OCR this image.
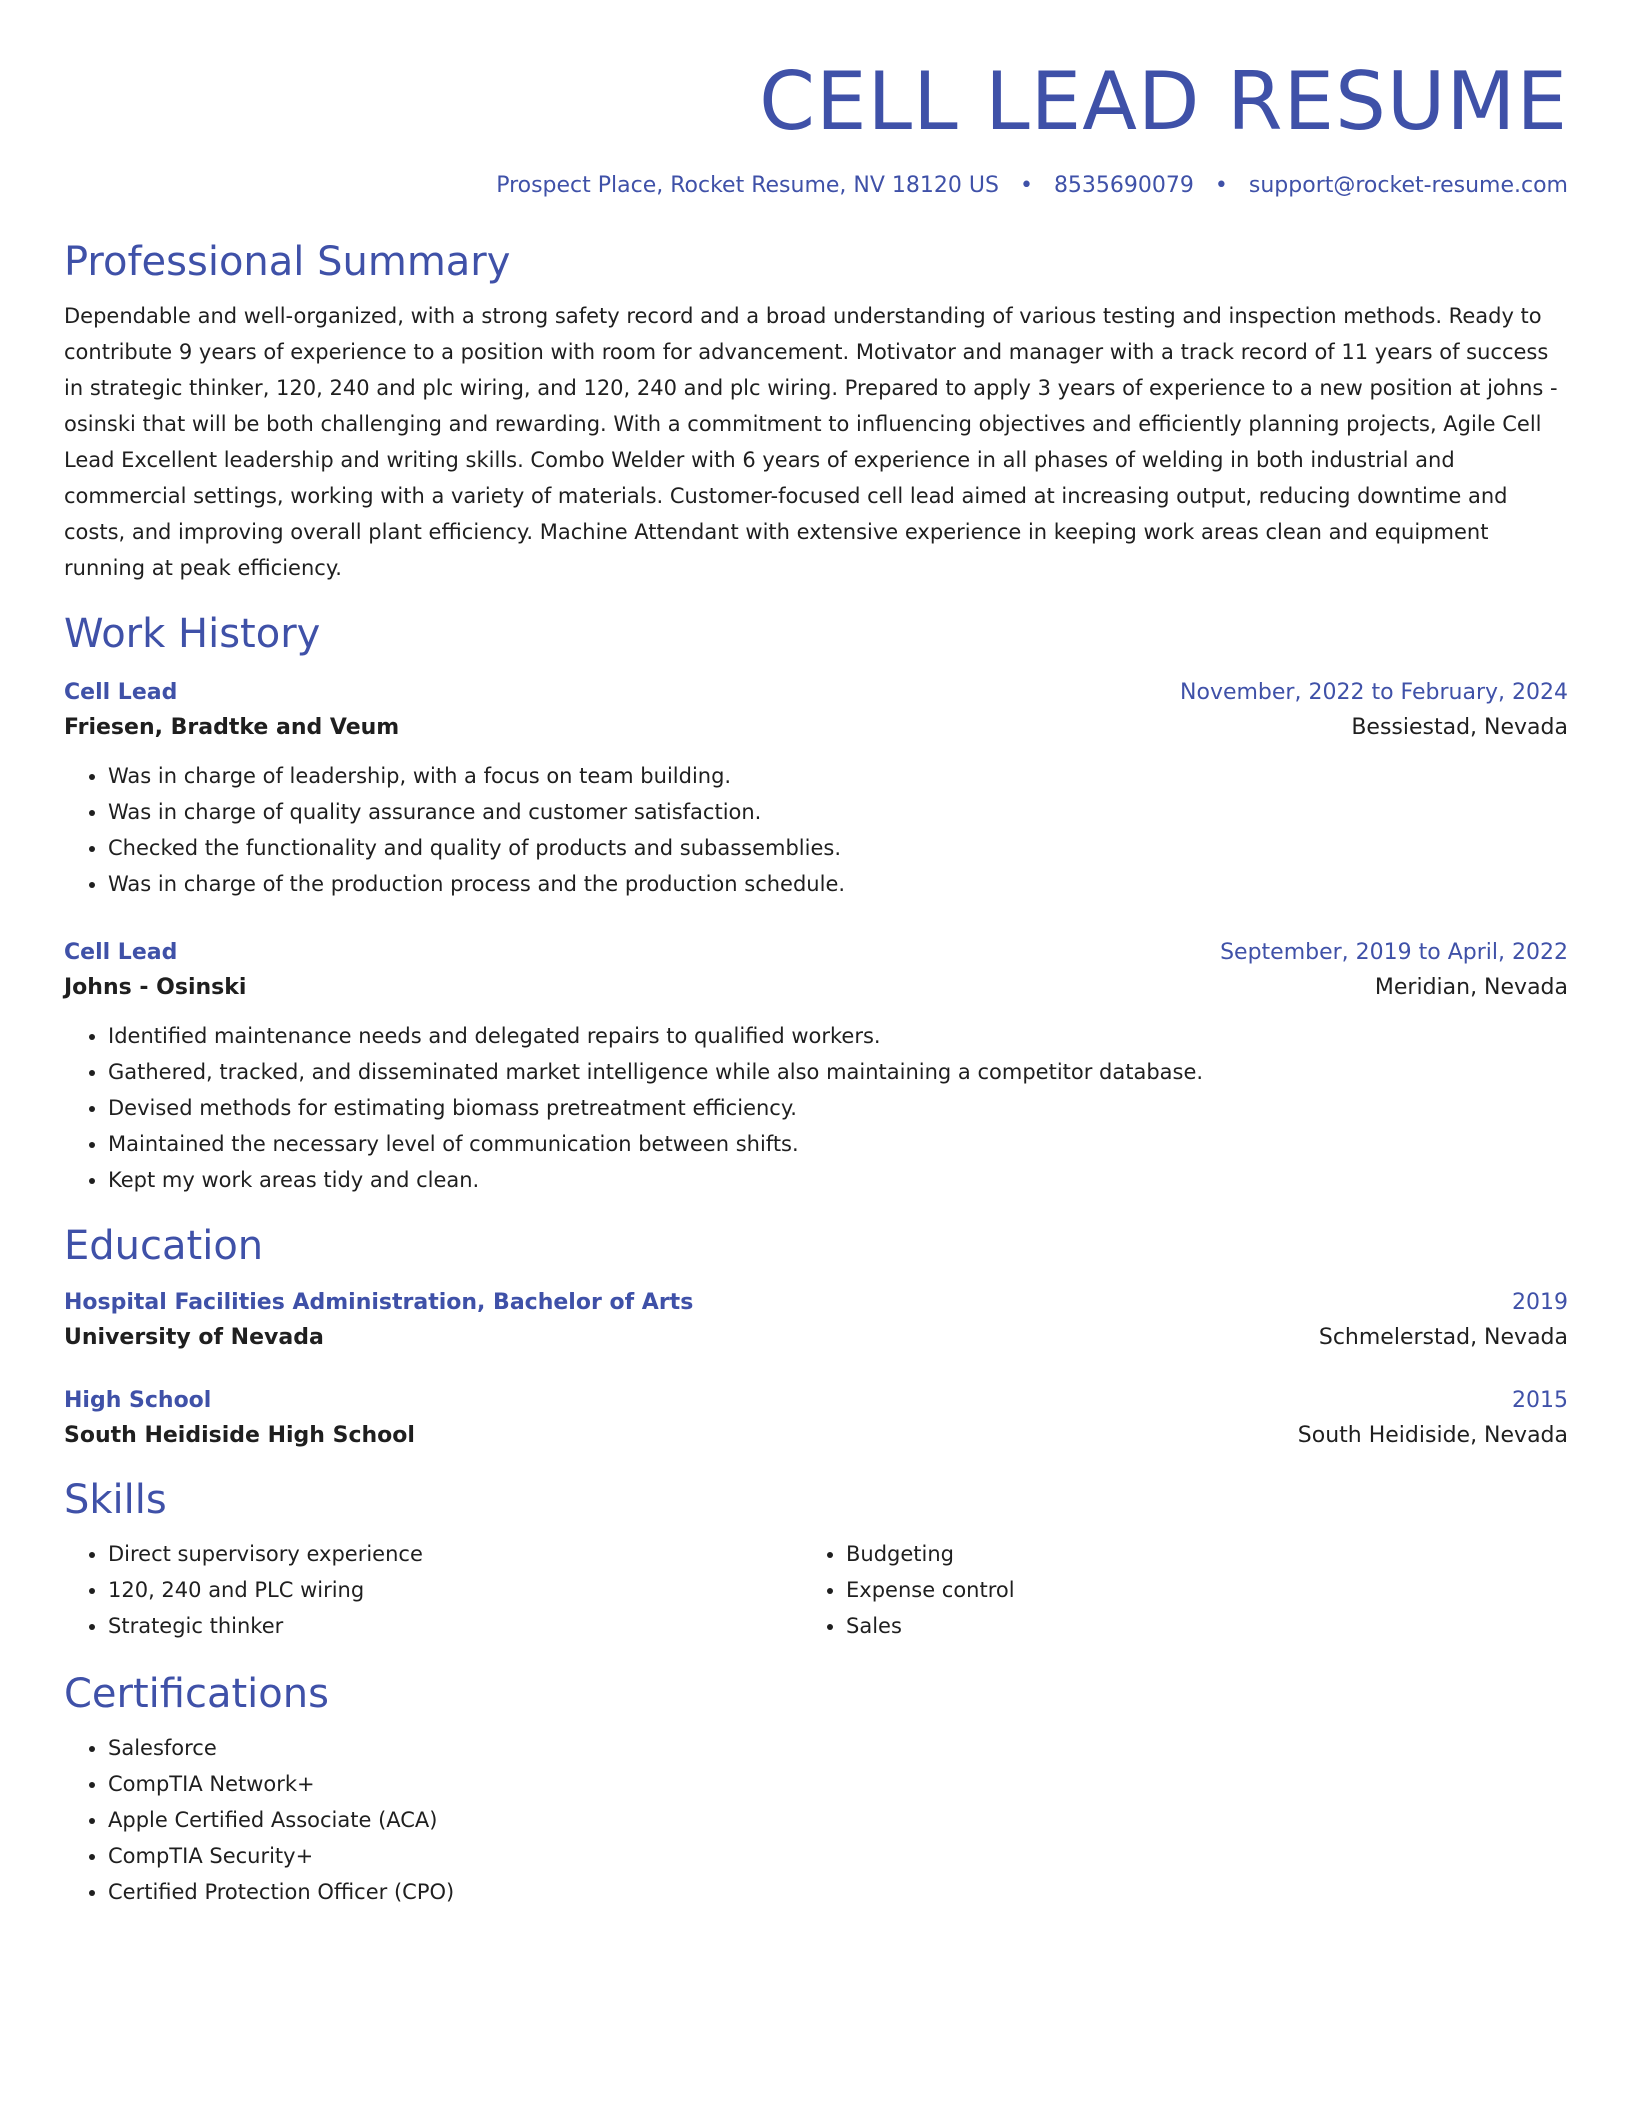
CELL LEAD RESUME
Prospect Place, Rocket Resume, NV 18120 US • 8535690079 • support@rocket-resume.com
Professional Summary

Dependable and well-organized, with a strong safety record and a broad understanding of various testing and inspection methods. Ready to contribute 9 years of experience to a position with room for advancement. Motivator and manager with a track record of 11 years of success in strategic thinker, 120, 240 and plc wiring, and 120, 240 and plc wiring. Prepared to apply 3 years of experience to a new position at johns - osinski that will be both challenging and rewarding. With a commitment to influencing objectives and efficiently planning projects, Agile Cell Lead Excellent leadership and writing skills. Combo Welder with 6 years of experience in all phases of welding in both industrial and commercial settings, working with a variety of materials. Customer-focused cell lead aimed at increasing output, reducing downtime and costs, and improving overall plant efficiency. Machine Attendant with extensive experience in keeping work areas clean and equipment running at peak efficiency.

Work History
Cell Lead	November, 2022 to February, 2024
Friesen, Bradtke and Veum	Bessiestad, Nevada
• Was in charge of leadership, with a focus on team building.
• Was in charge of quality assurance and customer satisfaction.
• Checked the functionality and quality of products and subassemblies.
• Was in charge of the production process and the production schedule.
Cell Lead	September, 2019 to April, 2022
Johns - Osinski	Meridian, Nevada
• Identified maintenance needs and delegated repairs to qualified workers.
• Gathered, tracked, and disseminated market intelligence while also maintaining a competitor database.
• Devised methods for estimating biomass pretreatment efficiency.
• Maintained the necessary level of communication between shifts.
• Kept my work areas tidy and clean.
Education
Hospital Facilities Administration, Bachelor of Arts	2019
University of Nevada	Schmelerstad, Nevada
High School	2015
South Heidiside High School	South Heidiside, Nevada
Skills
• Direct supervisory experience
• 120, 240 and PLC wiring
• Strategic thinker
• Budgeting
• Expense control
• Sales
Certifications
• Salesforce
• CompTIA Network+
• Apple Certified Associate (ACA)
• CompTIA Security+
• Certified Protection Officer (CPO)
